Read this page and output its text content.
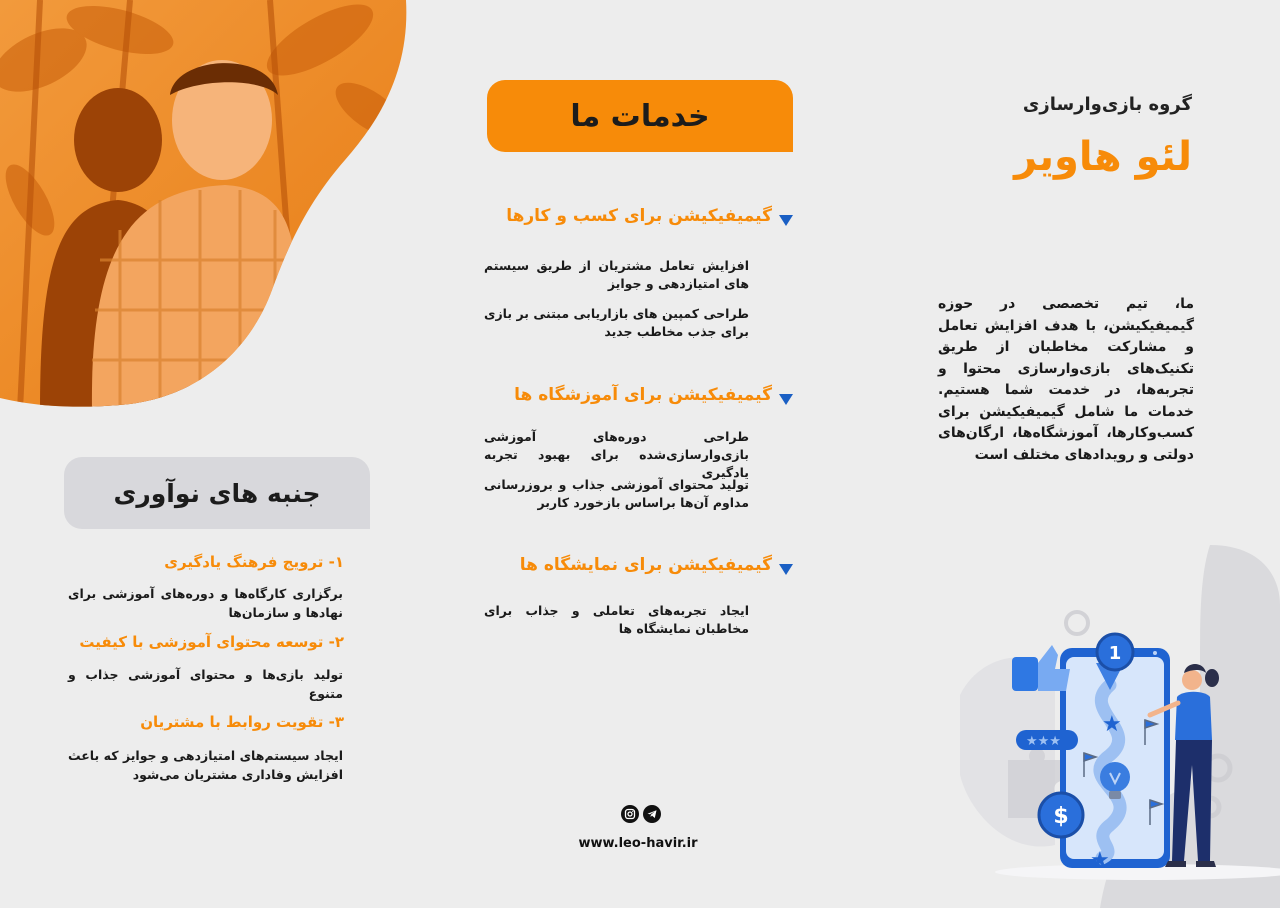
خدمات ما
گیمیفیکیشن برای کسب و کارها
افزایش تعامل مشتریان از طریق سیستم های امتیازدهی و جوایز
طراحی کمپین های بازاریابی مبتنی بر بازی برای جذب مخاطب جدید
گیمیفیکیشن برای آموزشگاه ها
طراحی دوره‌های آموزشی بازی‌وارسازی‌شده برای بهبود تجربه یادگیری
تولید محتوای آموزشی جذاب و بروزرسانی مداوم آن‌ها براساس بازخورد کاربر
گیمیفیکیشن برای نمایشگاه ها
ایجاد تجربه‌های تعاملی و جذاب برای مخاطبان نمایشگاه ها
جنبه های نوآوری
۱- ترویج فرهنگ یادگیری
برگزاری کارگاه‌ها و دوره‌های آموزشی برای نهادها و سازمان‌ها
۲- توسعه محتوای آموزشی با کیفیت
تولید بازی‌ها و محتوای آموزشی جذاب و متنوع
۳- تقویت روابط با مشتریان
ایجاد سیستم‌های امتیازدهی و جوایز که باعث افزایش وفاداری مشتریان می‌شود
گروه بازی‌وارسازی
لئو هاویر
ما، تیم تخصصی در حوزه گیمیفیکیشن، با هدف افزایش تعامل و مشارکت مخاطبان از طریق تکنیک‌های بازی‌وارسازی محتوا و تجربه‌ها، در خدمت شما هستیم. خدمات ما شامل گیمیفیکیشن برای کسب‌وکارها، آموزشگاه‌ها، ارگان‌های دولتی و رویدادهای مختلف است
www.leo-havir.ir
1
★★★
★
★
$
